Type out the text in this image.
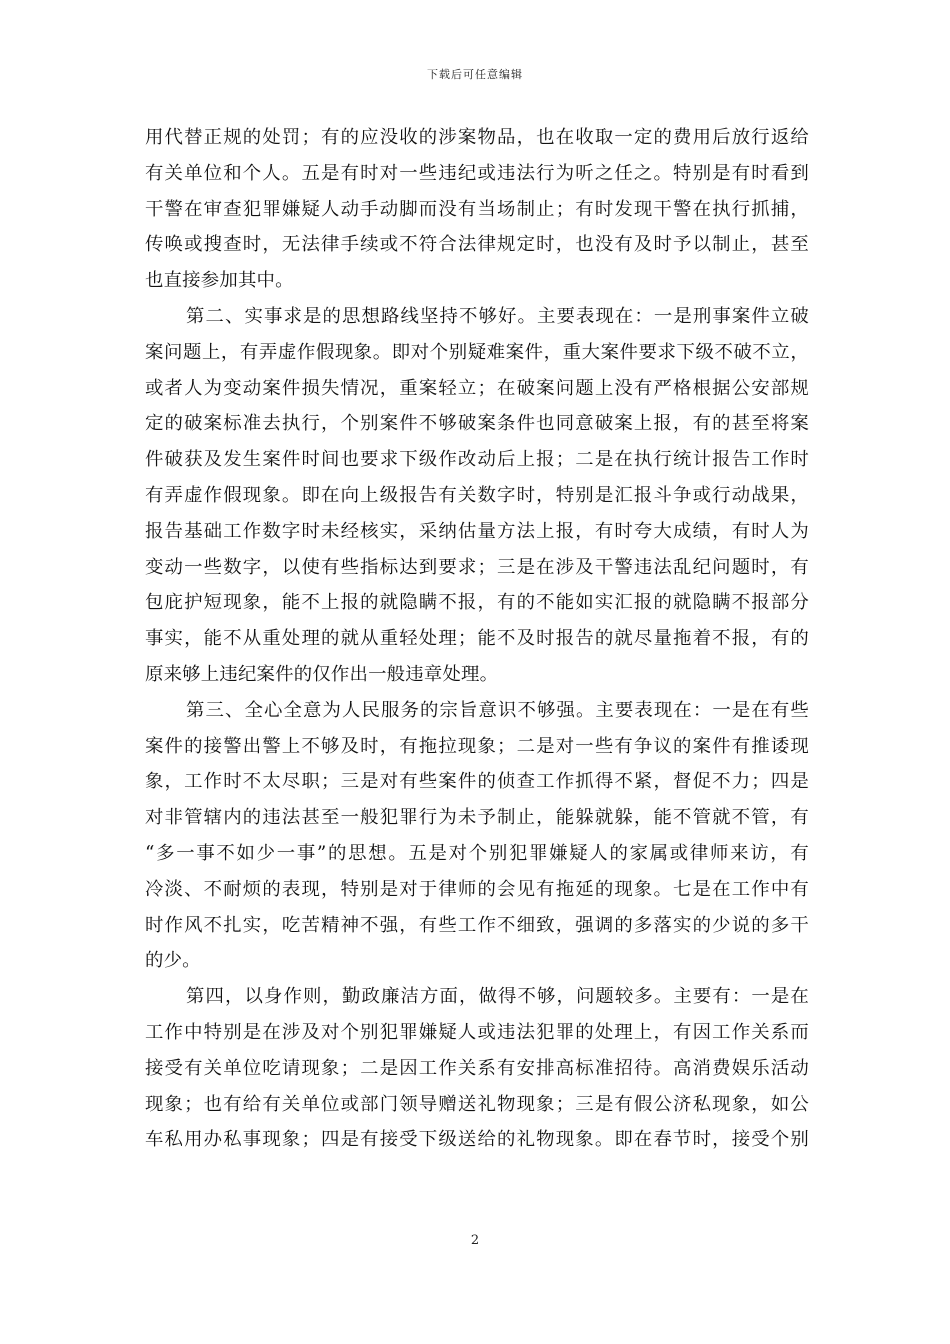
下载后可任意编辑
用代替正规的处罚；有的应没收的涉案物品，也在收取一定的费用后放行返给
有关单位和个人。五是有时对一些违纪或违法行为听之任之。特别是有时看到
干警在审查犯罪嫌疑人动手动脚而没有当场制止；有时发现干警在执行抓捕，
传唤或搜查时，无法律手续或不符合法律规定时，也没有及时予以制止，甚至
也直接参加其中。
第二、实事求是的思想路线坚持不够好。主要表现在：一是刑事案件立破
案问题上，有弄虚作假现象。即对个别疑难案件，重大案件要求下级不破不立，
或者人为变动案件损失情况，重案轻立；在破案问题上没有严格根据公安部规
定的破案标准去执行，个别案件不够破案条件也同意破案上报，有的甚至将案
件破获及发生案件时间也要求下级作改动后上报；二是在执行统计报告工作时
有弄虚作假现象。即在向上级报告有关数字时，特别是汇报斗争或行动战果，
报告基础工作数字时未经核实，采纳估量方法上报，有时夸大成绩，有时人为
变动一些数字，以使有些指标达到要求；三是在涉及干警违法乱纪问题时，有
包庇护短现象，能不上报的就隐瞒不报，有的不能如实汇报的就隐瞒不报部分
事实，能不从重处理的就从重轻处理；能不及时报告的就尽量拖着不报，有的
原来够上违纪案件的仅作出一般违章处理。
第三、全心全意为人民服务的宗旨意识不够强。主要表现在：一是在有些
案件的接警出警上不够及时，有拖拉现象；二是对一些有争议的案件有推诿现
象，工作时不太尽职；三是对有些案件的侦查工作抓得不紧，督促不力；四是
对非管辖内的违法甚至一般犯罪行为未予制止，能躲就躲，能不管就不管，有
“多一事不如少一事”的思想。五是对个别犯罪嫌疑人的家属或律师来访，有
冷淡、不耐烦的表现，特别是对于律师的会见有拖延的现象。七是在工作中有
时作风不扎实，吃苦精神不强，有些工作不细致，强调的多落实的少说的多干
的少。
第四，以身作则，勤政廉洁方面，做得不够，问题较多。主要有：一是在
工作中特别是在涉及对个别犯罪嫌疑人或违法犯罪的处理上，有因工作关系而
接受有关单位吃请现象；二是因工作关系有安排高标准招待。高消费娱乐活动
现象；也有给有关单位或部门领导赠送礼物现象；三是有假公济私现象，如公
车私用办私事现象；四是有接受下级送给的礼物现象。即在春节时，接受个别
2
